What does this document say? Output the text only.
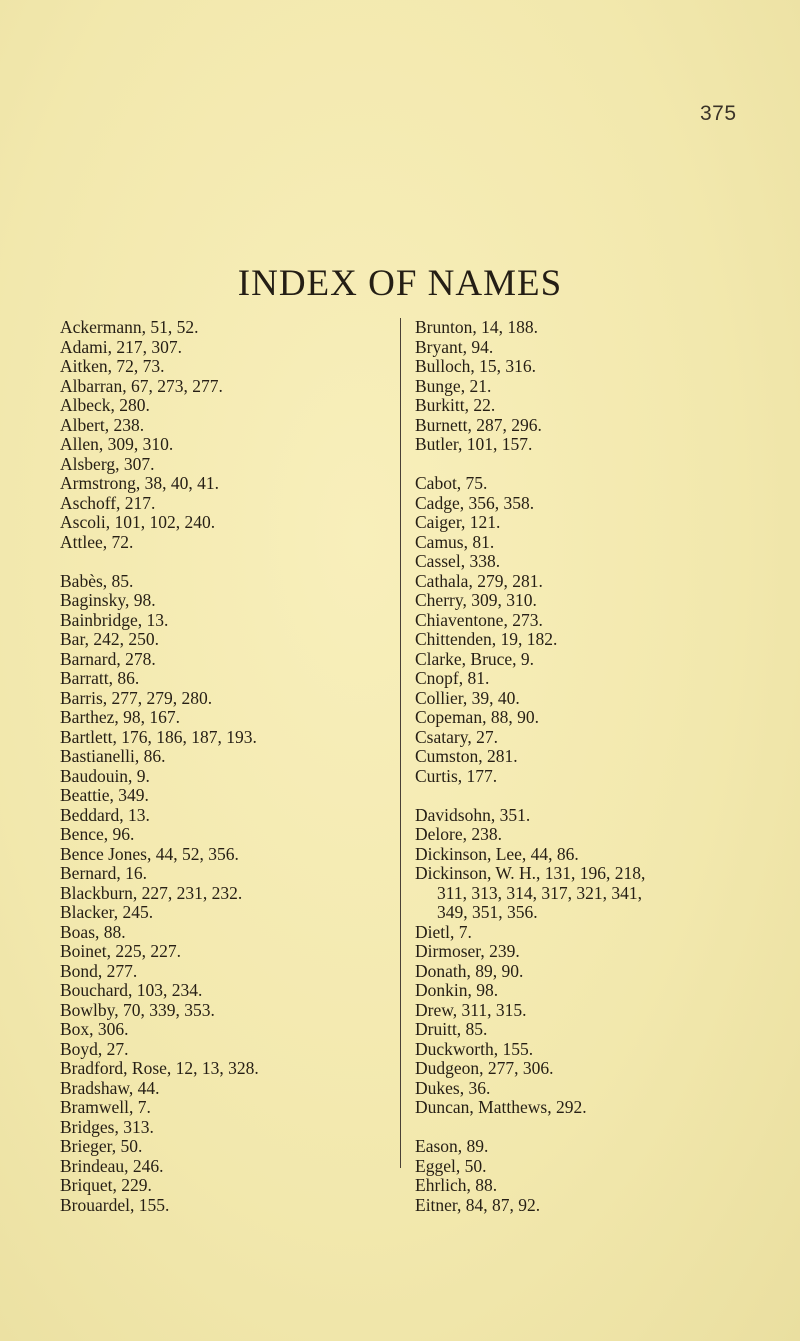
375
INDEX OF NAMES
Ackermann, 51, 52.
Adami, 217, 307.
Aitken, 72, 73.
Albarran, 67, 273, 277.
Albeck, 280.
Albert, 238.
Allen, 309, 310.
Alsberg, 307.
Armstrong, 38, 40, 41.
Aschoff, 217.
Ascoli, 101, 102, 240.
Attlee, 72.
Babès, 85.
Baginsky, 98.
Bainbridge, 13.
Bar, 242, 250.
Barnard, 278.
Barratt, 86.
Barris, 277, 279, 280.
Barthez, 98, 167.
Bartlett, 176, 186, 187, 193.
Bastianelli, 86.
Baudouin, 9.
Beattie, 349.
Beddard, 13.
Bence, 96.
Bence Jones, 44, 52, 356.
Bernard, 16.
Blackburn, 227, 231, 232.
Blacker, 245.
Boas, 88.
Boinet, 225, 227.
Bond, 277.
Bouchard, 103, 234.
Bowlby, 70, 339, 353.
Box, 306.
Boyd, 27.
Bradford, Rose, 12, 13, 328.
Bradshaw, 44.
Bramwell, 7.
Bridges, 313.
Brieger, 50.
Brindeau, 246.
Briquet, 229.
Brouardel, 155.
Brunton, 14, 188.
Bryant, 94.
Bulloch, 15, 316.
Bunge, 21.
Burkitt, 22.
Burnett, 287, 296.
Butler, 101, 157.
Cabot, 75.
Cadge, 356, 358.
Caiger, 121.
Camus, 81.
Cassel, 338.
Cathala, 279, 281.
Cherry, 309, 310.
Chiaventone, 273.
Chittenden, 19, 182.
Clarke, Bruce, 9.
Cnopf, 81.
Collier, 39, 40.
Copeman, 88, 90.
Csatary, 27.
Cumston, 281.
Curtis, 177.
Davidsohn, 351.
Delore, 238.
Dickinson, Lee, 44, 86.
Dickinson, W. H., 131, 196, 218,
311, 313, 314, 317, 321, 341,
349, 351, 356.
Dietl, 7.
Dirmoser, 239.
Donath, 89, 90.
Donkin, 98.
Drew, 311, 315.
Druitt, 85.
Duckworth, 155.
Dudgeon, 277, 306.
Dukes, 36.
Duncan, Matthews, 292.
Eason, 89.
Eggel, 50.
Ehrlich, 88.
Eitner, 84, 87, 92.
